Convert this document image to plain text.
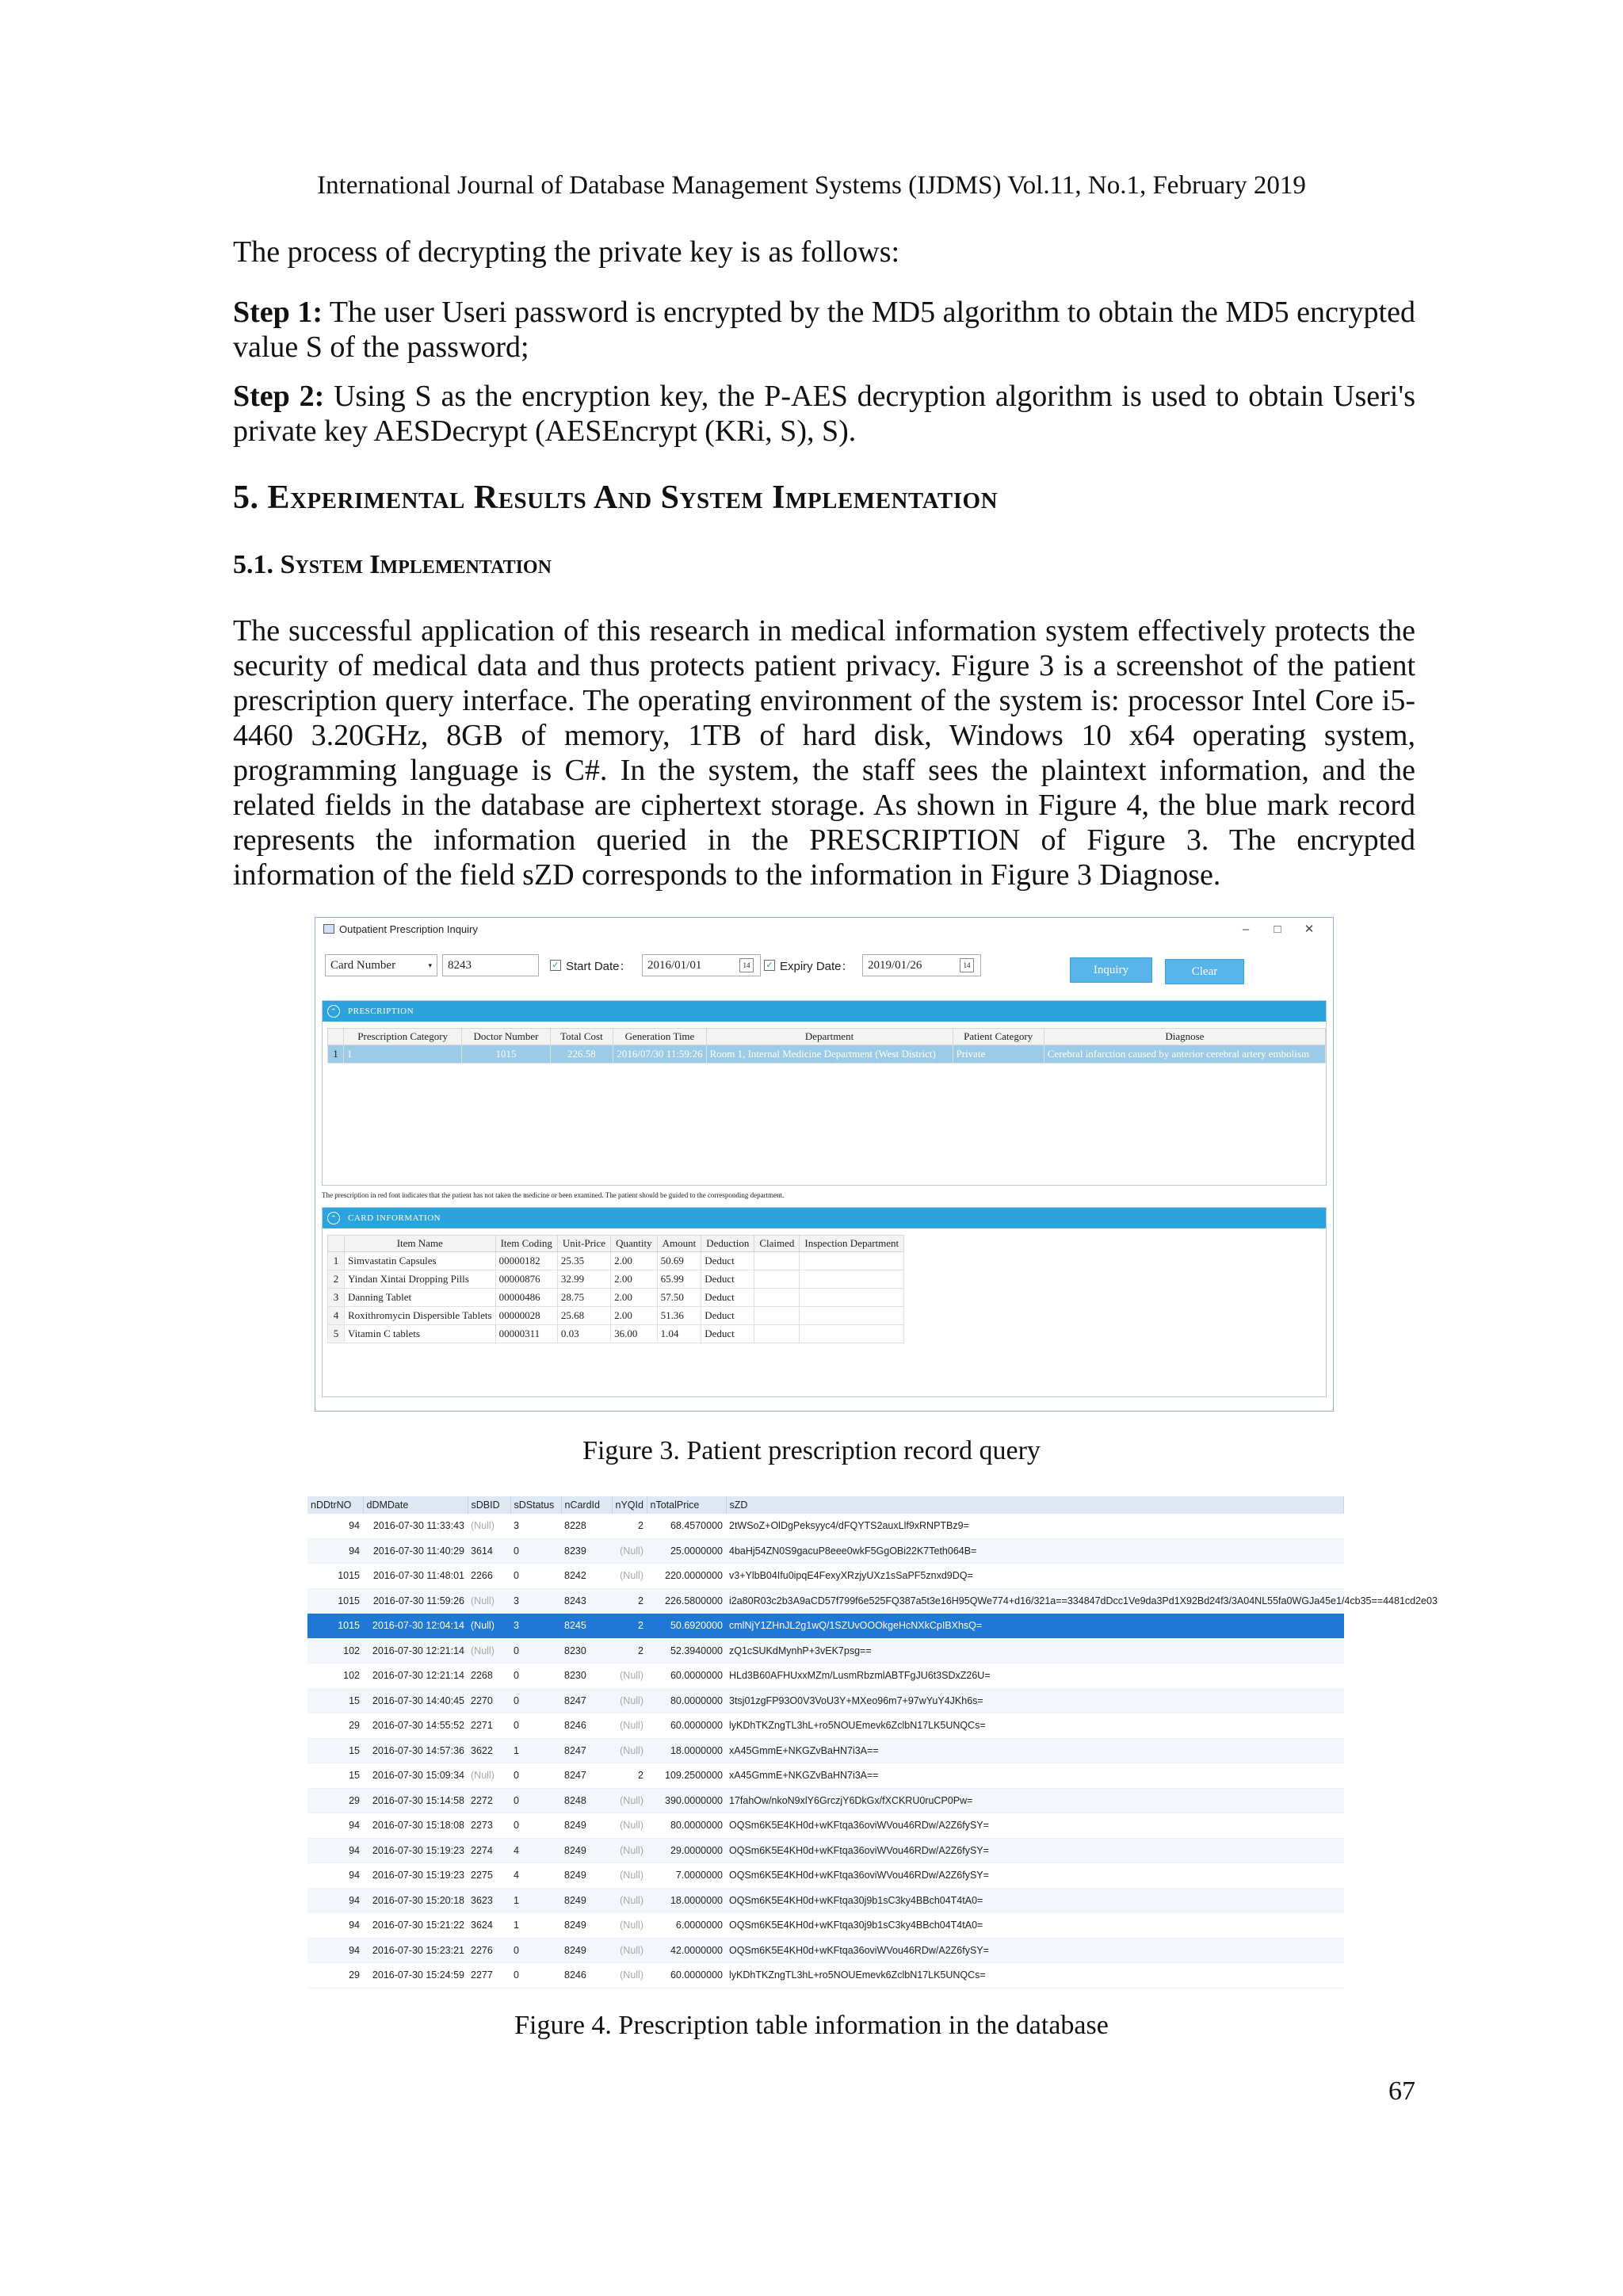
International Journal of Database Management Systems (IJDMS) Vol.11, No.1, February 2019

The process of decrypting the private key is as follows:

Step 1: The user Useri password is encrypted by the MD5 algorithm to obtain the MD5 encrypted value S of the password;

Step 2: Using S as the encryption key, the P-AES decryption algorithm is used to obtain Useri's private key AESDecrypt (AESEncrypt (KRi, S), S).

5. Experimental Results And System Implementation

5.1. System Implementation

The successful application of this research in medical information system effectively protects the security of medical data and thus protects patient privacy. Figure 3 is a screenshot of the patient prescription query interface. The operating environment of the system is: processor Intel Core i5-4460 3.20GHz, 8GB of memory, 1TB of hard disk, Windows 10 x64 operating system, programming language is C#. In the system, the staff sees the plaintext information, and the related fields in the database are ciphertext storage. As shown in Figure 4, the blue mark record represents the information queried in the PRESCRIPTION of Figure 3. The encrypted information of the field sZD corresponds to the information in Figure 3 Diagnose.

Outpatient Prescription Inquiry	–	□	✕
Card Number	▾	8243	✓ Start Date： 2016/01/01	14	✓ Expiry Date： 2019/01/26	14	Inquiry	Clear
⌃	PRESCRIPTION
	Prescription Category	Doctor Number	Total Cost	Generation Time	Department	Patient Category	Diagnose
1	1	1015	226.58	2016/07/30 11:59:26	Room 1, Internal Medicine Department (West District)	Private	Cerebral infarction caused by anterior cerebral artery embolism
The prescription in red font indicates that the patient has not taken the medicine or been examined. The patient should be guided to the corresponding department.
⌃	CARD INFORMATION
	Item Name	Item Coding	Unit-Price	Quantity	Amount	Deduction	Claimed	Inspection Department
1	Simvastatin Capsules	00000182	25.35	2.00	50.69	Deduct		
2	Yindan Xintai Dropping Pills	00000876	32.99	2.00	65.99	Deduct		
3	Danning Tablet	00000486	28.75	2.00	57.50	Deduct		
4	Roxithromycin Dispersible Tablets	00000028	25.68	2.00	51.36	Deduct		
5	Vitamin C tablets	00000311	0.03	36.00	1.04	Deduct		
Figure 3. Patient prescription record query
nDDtrNO	dDMDate	sDBID	sDStatus	nCardId	nYQId	nTotalPrice	sZD
94	2016-07-30 11:33:43	(Null)	3	8228	2	68.4570000	2tWSoZ+OlDgPeksyyc4/dFQYTS2auxLlf9xRNPTBz9=
94	2016-07-30 11:40:29	3614	0	8239	(Null)	25.0000000	4baHj54ZN0S9gacuP8eee0wkF5GgOBi22K7Teth064B=
1015	2016-07-30 11:48:01	2266	0	8242	(Null)	220.0000000	v3+YlbB04Ifu0ipqE4FexyXRzjyUXz1sSaPF5znxd9DQ=
1015	2016-07-30 11:59:26	(Null)	3	8243	2	226.5800000	i2a80R03c2b3A9aCD57f799f6e525FQ387a5t3e16H95QWe774+d16/321a==334847dDcc1Ve9da3Pd1X92Bd24f3/3A04NL55fa0WGJa45e1/4cb35==4481cd2e03
1015	2016-07-30 12:04:14	(Null)	3	8245	2	50.6920000	cmlNjY1ZHnJL2g1wQ/1SZUvOOOkgeHcNXkCpIBXhsQ=
102	2016-07-30 12:21:14	(Null)	0	8230	2	52.3940000	zQ1cSUKdMynhP+3vEK7psg==
102	2016-07-30 12:21:14	2268	0	8230	(Null)	60.0000000	HLd3B60AFHUxxMZm/LusmRbzmlABTFgJU6t3SDxZ26U=
15	2016-07-30 14:40:45	2270	0	8247	(Null)	80.0000000	3tsj01zgFP93O0V3VoU3Y+MXeo96m7+97wYuY4JKh6s=
29	2016-07-30 14:55:52	2271	0	8246	(Null)	60.0000000	lyKDhTKZngTL3hL+ro5NOUEmevk6ZclbN17LK5UNQCs=
15	2016-07-30 14:57:36	3622	1	8247	(Null)	18.0000000	xA45GmmE+NKGZvBaHN7i3A==
15	2016-07-30 15:09:34	(Null)	0	8247	2	109.2500000	xA45GmmE+NKGZvBaHN7i3A==
29	2016-07-30 15:14:58	2272	0	8248	(Null)	390.0000000	17fahOw/nkoN9xlY6GrczjY6DkGx/fXCKRU0ruCP0Pw=
94	2016-07-30 15:18:08	2273	0	8249	(Null)	80.0000000	OQSm6K5E4KH0d+wKFtqa36oviWVou46RDw/A2Z6fySY=
94	2016-07-30 15:19:23	2274	4	8249	(Null)	29.0000000	OQSm6K5E4KH0d+wKFtqa36oviWVou46RDw/A2Z6fySY=
94	2016-07-30 15:19:23	2275	4	8249	(Null)	7.0000000	OQSm6K5E4KH0d+wKFtqa36oviWVou46RDw/A2Z6fySY=
94	2016-07-30 15:20:18	3623	1	8249	(Null)	18.0000000	OQSm6K5E4KH0d+wKFtqa30j9b1sC3ky4BBch04T4tA0=
94	2016-07-30 15:21:22	3624	1	8249	(Null)	6.0000000	OQSm6K5E4KH0d+wKFtqa30j9b1sC3ky4BBch04T4tA0=
94	2016-07-30 15:23:21	2276	0	8249	(Null)	42.0000000	OQSm6K5E4KH0d+wKFtqa36oviWVou46RDw/A2Z6fySY=
29	2016-07-30 15:24:59	2277	0	8246	(Null)	60.0000000	lyKDhTKZngTL3hL+ro5NOUEmevk6ZclbN17LK5UNQCs=
Figure 4. Prescription table information in the database
67
